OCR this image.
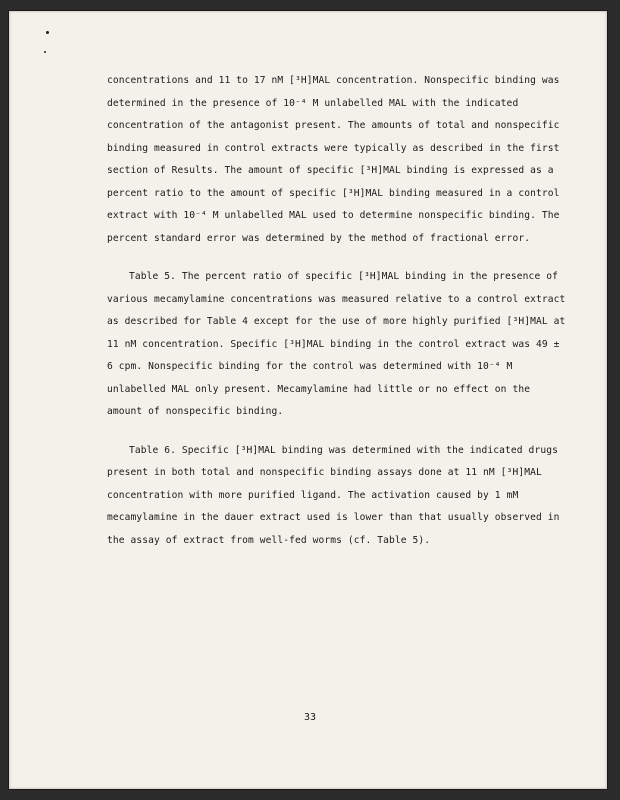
concentrations and 11 to 17 nM [³H]MAL concentration. Nonspecific binding was
determined in the presence of 10⁻⁴ M unlabelled MAL with the indicated
concentration of the antagonist present. The amounts of total and nonspecific
binding measured in control extracts were typically as described in the first
section of Results. The amount of specific [³H]MAL binding is expressed as a
percent ratio to the amount of specific [³H]MAL binding measured in a control
extract with 10⁻⁴ M unlabelled MAL used to determine nonspecific binding. The
percent standard error was determined by the method of fractional error.
Table 5. The percent ratio of specific [³H]MAL binding in the presence of
various mecamylamine concentrations was measured relative to a control extract
as described for Table 4 except for the use of more highly purified [³H]MAL at
11 nM concentration. Specific [³H]MAL binding in the control extract was 49 ±
6 cpm. Nonspecific binding for the control was determined with 10⁻⁴ M
unlabelled MAL only present. Mecamylamine had little or no effect on the
amount of nonspecific binding.
Table 6. Specific [³H]MAL binding was determined with the indicated drugs
present in both total and nonspecific binding assays done at 11 nM [³H]MAL
concentration with more purified ligand. The activation caused by 1 mM
mecamylamine in the dauer extract used is lower than that usually observed in
the assay of extract from well-fed worms (cf. Table 5).
33
